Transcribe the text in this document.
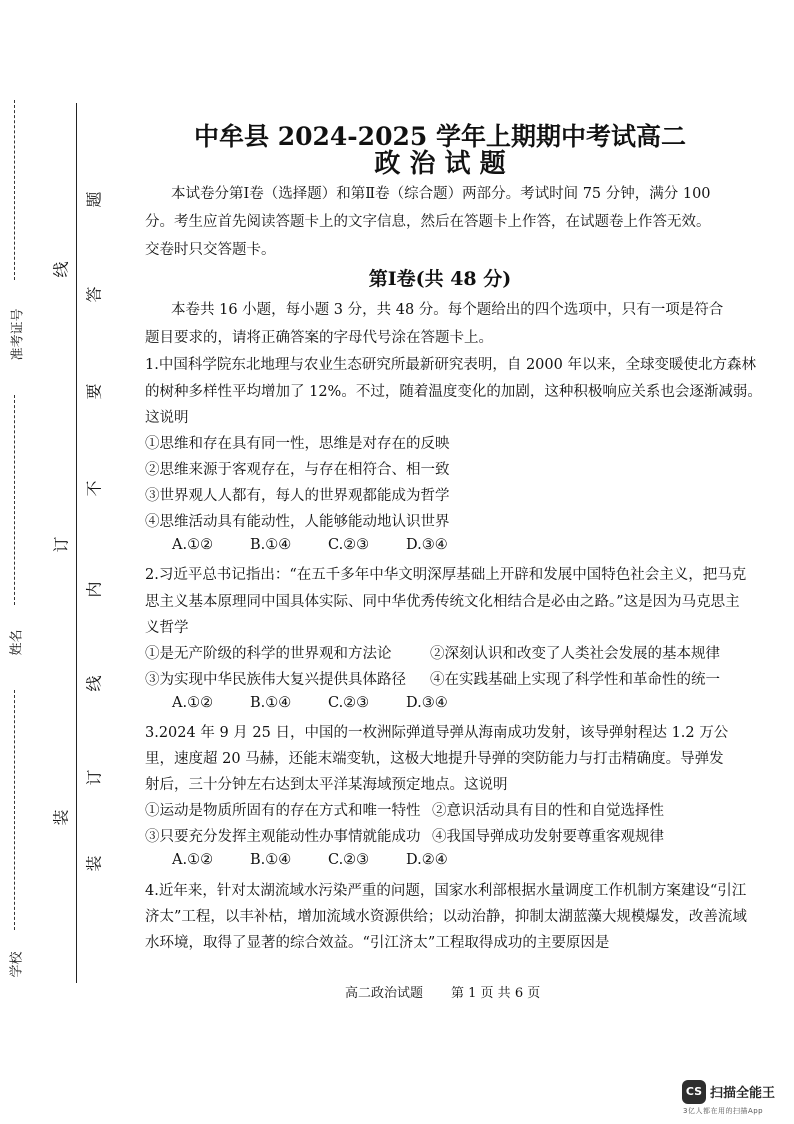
准考证号
姓名
学校
线
订
装
题
答
要
不
内
线
订
装
中牟县 2024-2025 学年上期期中考试高二
政 治 试 题
本试卷分第Ⅰ卷（选择题）和第Ⅱ卷（综合题）两部分。考试时间 75 分钟，满分 100
分。考生应首先阅读答题卡上的文字信息，然后在答题卡上作答，在试题卷上作答无效。
交卷时只交答题卡。
第Ⅰ卷(共 48 分)
本卷共 16 小题，每小题 3 分，共 48 分。每个题给出的四个选项中，只有一项是符合
题目要求的，请将正确答案的字母代号涂在答题卡上。
1.中国科学院东北地理与农业生态研究所最新研究表明，自 2000 年以来，全球变暖使北方森林
的树种多样性平均增加了 12%。不过，随着温度变化的加剧，这种积极响应关系也会逐渐减弱。
这说明
①思维和存在具有同一性，思维是对存在的反映
②思维来源于客观存在，与存在相符合、相一致
③世界观人人都有，每人的世界观都能成为哲学
④思维活动具有能动性，人能够能动地认识世界
A.①②	B.①④	C.②③	D.③④
2.习近平总书记指出：“在五千多年中华文明深厚基础上开辟和发展中国特色社会主义，把马克
思主义基本原理同中国具体实际、同中华优秀传统文化相结合是必由之路。”这是因为马克思主
义哲学
①是无产阶级的科学的世界观和方法论	②深刻认识和改变了人类社会发展的基本规律
③为实现中华民族伟大复兴提供具体路径 ④在实践基础上实现了科学性和革命性的统一
A.①②	B.①④	C.②③	D.③④
3.2024 年 9 月 25 日，中国的一枚洲际弹道导弹从海南成功发射，该导弹射程达 1.2 万公
里，速度超 20 马赫，还能末端变轨，这极大地提升导弹的突防能力与打击精确度。导弹发
射后，三十分钟左右达到太平洋某海域预定地点。这说明
①运动是物质所固有的存在方式和唯一特性 ②意识活动具有目的性和自觉选择性
③只要充分发挥主观能动性办事情就能成功 ④我国导弹成功发射要尊重客观规律
A.①②	B.①④	C.②③	D.②④
4.近年来，针对太湖流域水污染严重的问题，国家水利部根据水量调度工作机制方案建设“引江
济太”工程，以丰补枯，增加流域水资源供给；以动治静，抑制太湖蓝藻大规模爆发，改善流域
水环境，取得了显著的综合效益。“引江济太”工程取得成功的主要原因是
高二政治试题 第 1 页 共 6 页
CS 扫描全能王
3亿人都在用的扫描App
